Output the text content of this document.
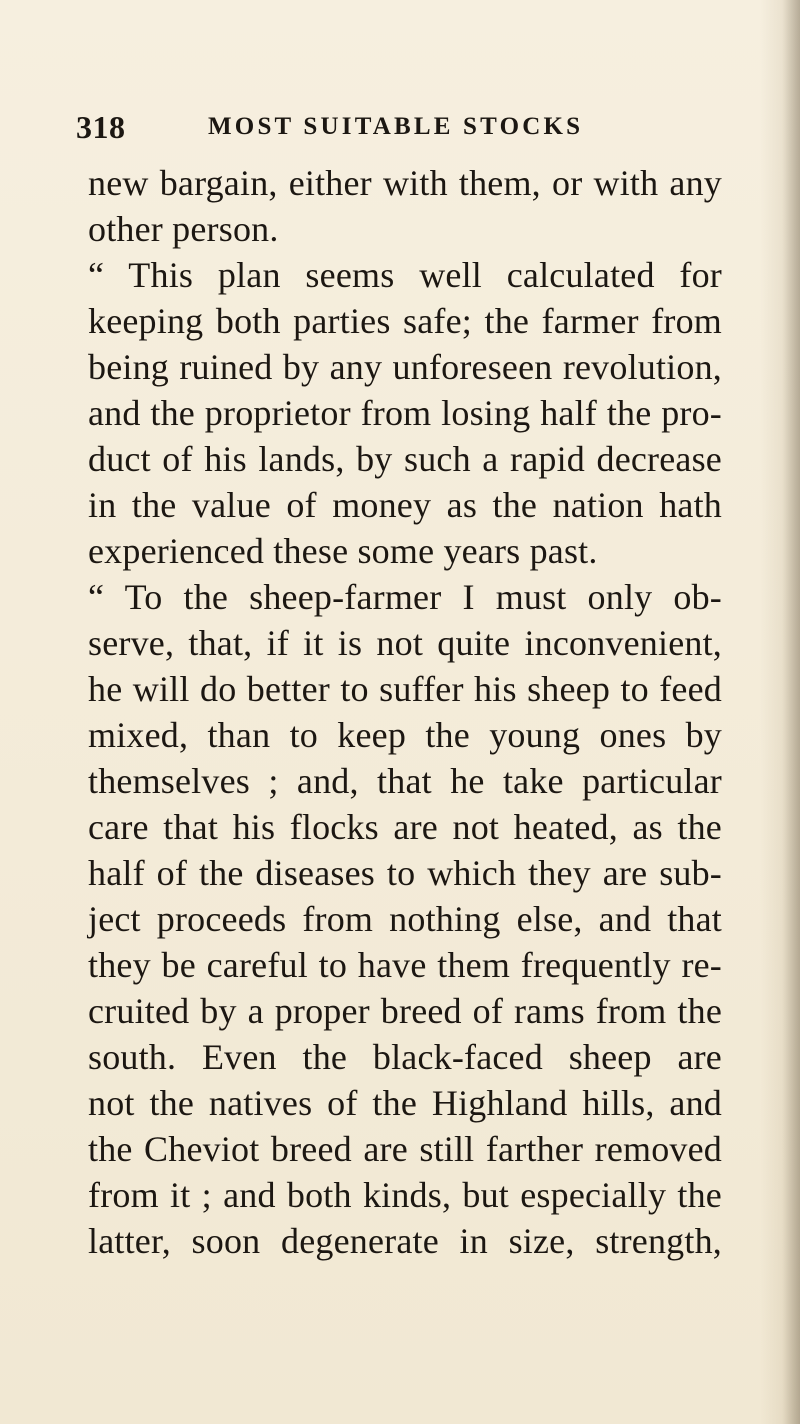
318	MOST SUITABLE STOCKS
new bargain, either with them, or with any
other person.
“ This plan seems well calculated for
keeping both parties safe; the farmer from
being ruined by any unforeseen revolution,
and the proprietor from losing half the pro-
duct of his lands, by such a rapid decrease
in the value of money as the nation hath
experienced these some years past.
“ To the sheep-farmer I must only ob-
serve, that, if it is not quite inconvenient,
he will do better to suffer his sheep to feed
mixed, than to keep the young ones by
themselves ; and, that he take particular
care that his flocks are not heated, as the
half of the diseases to which they are sub-
ject proceeds from nothing else, and that
they be careful to have them frequently re-
cruited by a proper breed of rams from the
south. Even the black-faced sheep are
not the natives of the Highland hills, and
the Cheviot breed are still farther removed
from it ; and both kinds, but especially the
latter, soon degenerate in size, strength,
